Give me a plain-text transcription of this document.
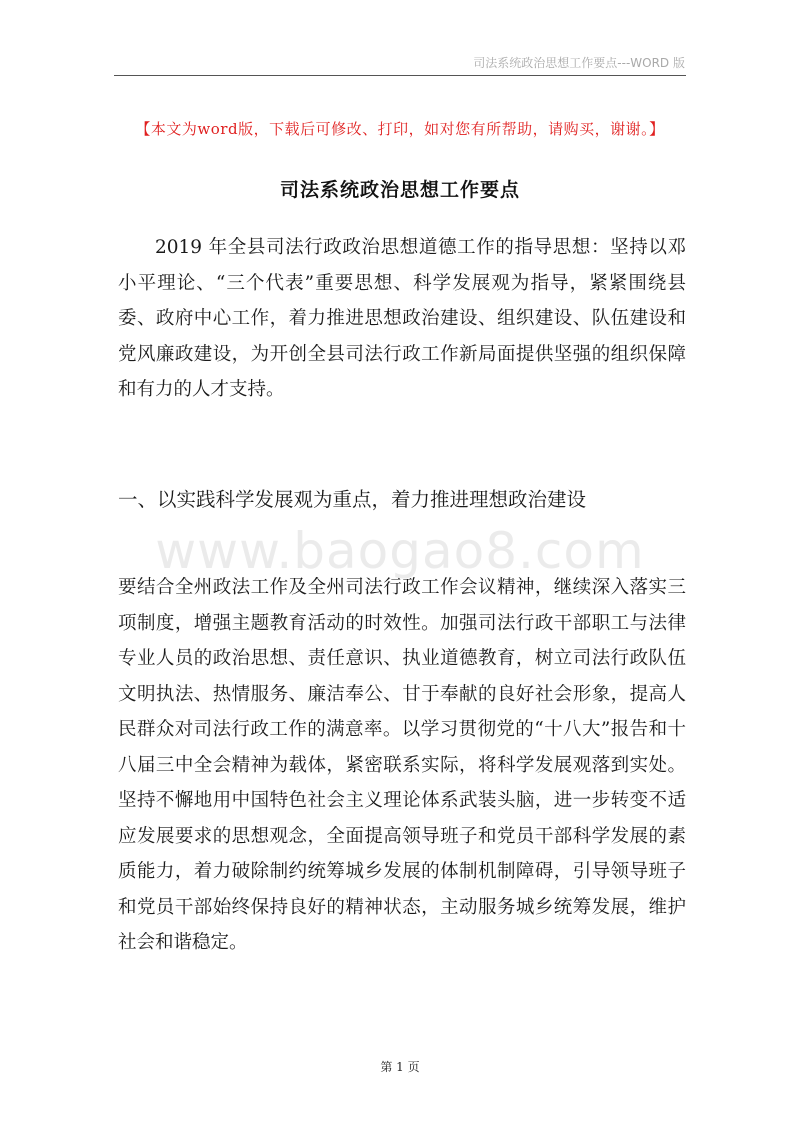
司法系统政治思想工作要点---WORD 版
【本文为word版，下载后可修改、打印，如对您有所帮助，请购买，谢谢。】
司法系统政治思想工作要点

2019 年全县司法行政政治思想道德工作的指导思想：坚持以邓小平理论、“三个代表”重要思想、科学发展观为指导，紧紧围绕县委、政府中心工作，着力推进思想政治建设、组织建设、队伍建设和党风廉政建设，为开创全县司法行政工作新局面提供坚强的组织保障和有力的人才支持。

一、以实践科学发展观为重点，着力推进理想政治建设
www.baogao8.com

要结合全州政法工作及全州司法行政工作会议精神，继续深入落实三项制度，增强主题教育活动的时效性。加强司法行政干部职工与法律专业人员的政治思想、责任意识、执业道德教育，树立司法行政队伍文明执法、热情服务、廉洁奉公、甘于奉献的良好社会形象，提高人民群众对司法行政工作的满意率。以学习贯彻党的“十八大”报告和十八届三中全会精神为载体，紧密联系实际，将科学发展观落到实处。坚持不懈地用中国特色社会主义理论体系武装头脑，进一步转变不适应发展要求的思想观念，全面提高领导班子和党员干部科学发展的素质能力，着力破除制约统筹城乡发展的体制机制障碍，引导领导班子和党员干部始终保持良好的精神状态，主动服务城乡统筹发展，维护社会和谐稳定。

第 1 页
